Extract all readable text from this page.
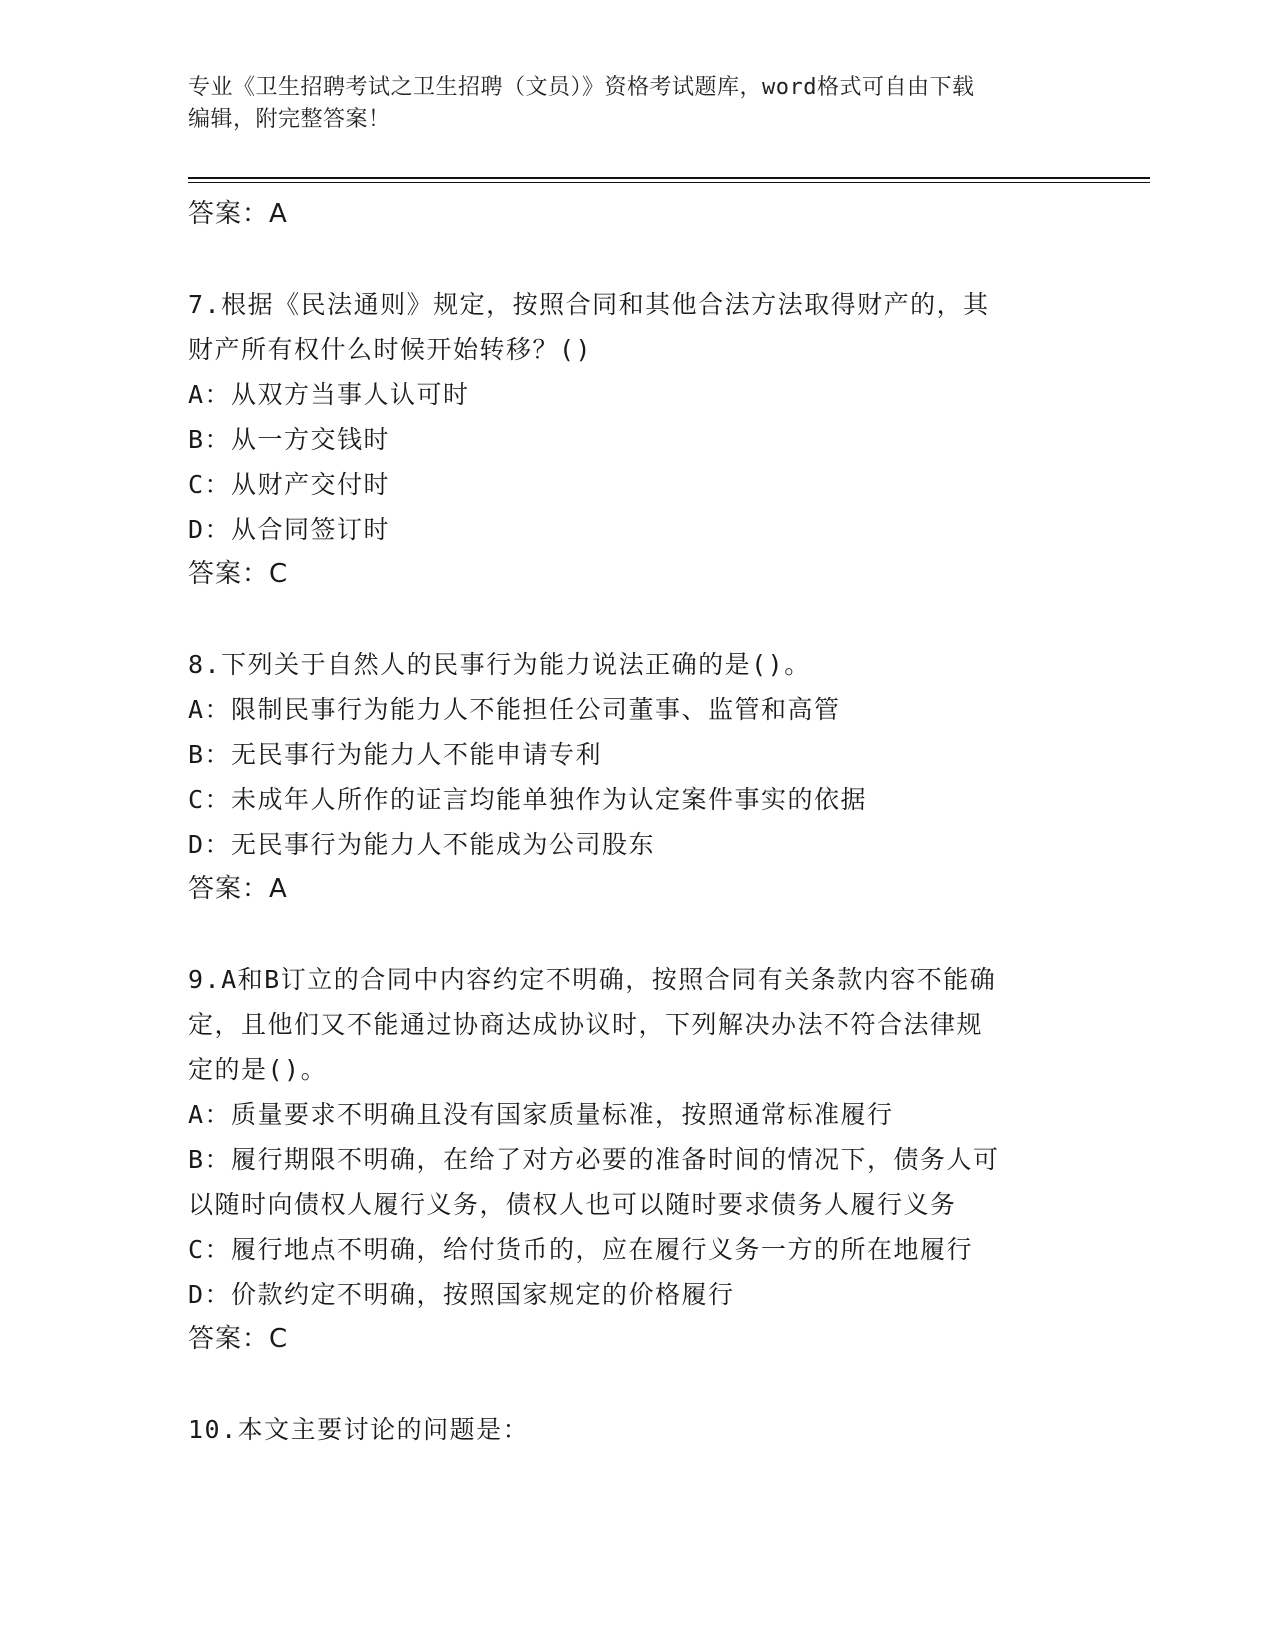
专业《卫生招聘考试之卫生招聘（文员）》资格考试题库，word格式可自由下载
编辑，附完整答案！
答案：A
7.根据《民法通则》规定，按照合同和其他合法方法取得财产的，其
财产所有权什么时候开始转移？()
A：从双方当事人认可时
B：从一方交钱时
C：从财产交付时
D：从合同签订时
答案：C
8.下列关于自然人的民事行为能力说法正确的是()。
A：限制民事行为能力人不能担任公司董事、监管和高管
B：无民事行为能力人不能申请专利
C：未成年人所作的证言均能单独作为认定案件事实的依据
D：无民事行为能力人不能成为公司股东
答案：A
9.A和B订立的合同中内容约定不明确，按照合同有关条款内容不能确
定，且他们又不能通过协商达成协议时，下列解决办法不符合法律规
定的是()。
A：质量要求不明确且没有国家质量标准，按照通常标准履行
B：履行期限不明确，在给了对方必要的准备时间的情况下，债务人可
以随时向债权人履行义务，债权人也可以随时要求债务人履行义务
C：履行地点不明确，给付货币的，应在履行义务一方的所在地履行
D：价款约定不明确，按照国家规定的价格履行
答案：C
10.本文主要讨论的问题是：
